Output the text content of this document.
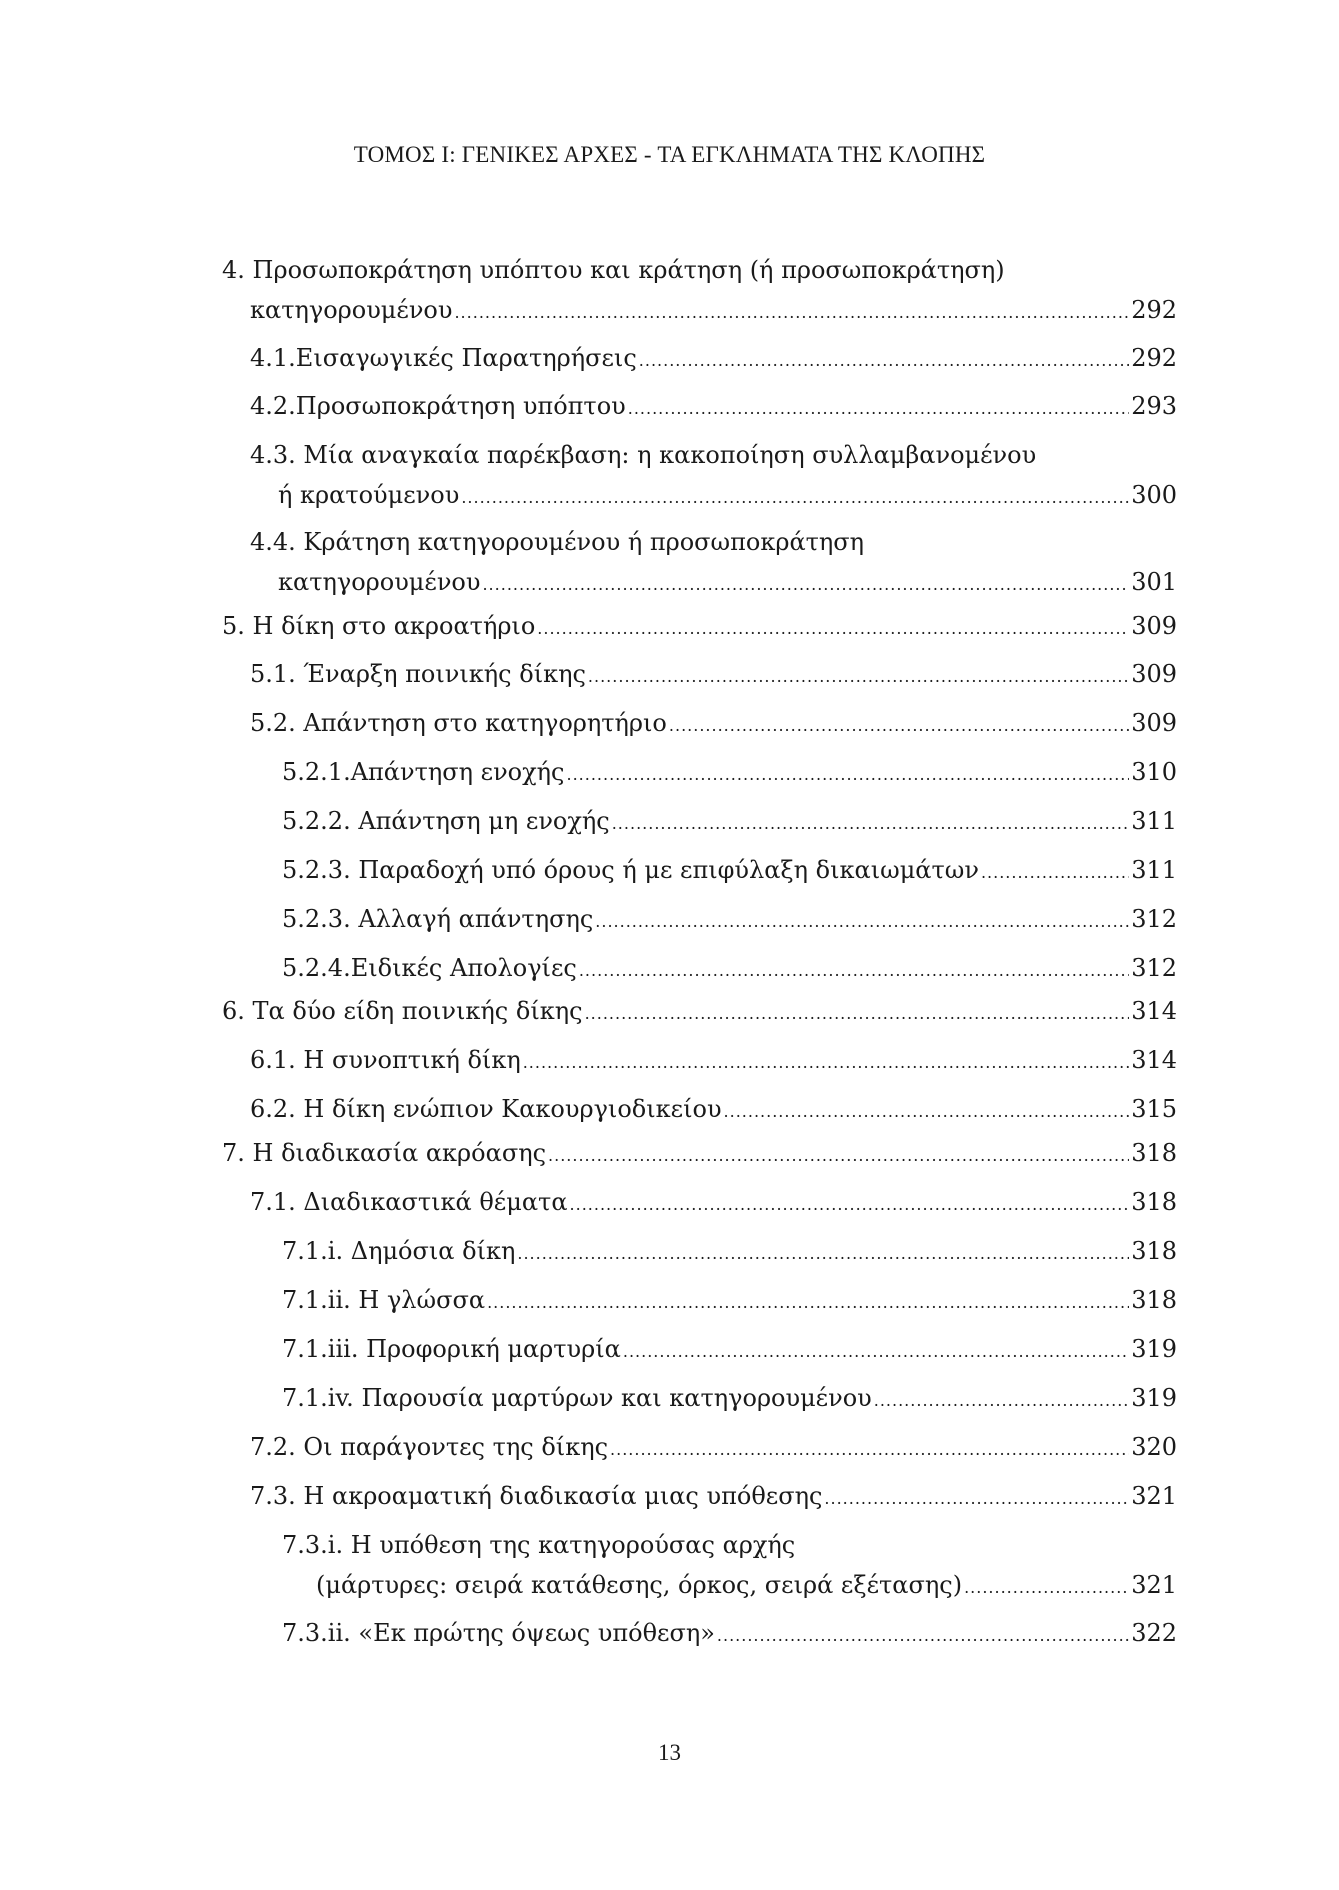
ΤΟΜΟΣ Ι: ΓΕΝΙΚΕΣ ΑΡΧΕΣ - ΤΑ ΕΓΚΛΗΜΑΤΑ ΤΗΣ ΚΛΟΠΗΣ
4. Προσωποκράτηση υπόπτου και κράτηση (ή προσωποκράτηση)
κατηγορουμένου .....	292
4.1.Εισαγωγικές Παρατηρήσεις .....	292
4.2.Προσωποκράτηση υπόπτου .....	293
4.3. Μία αναγκαία παρέκβαση: η κακοποίηση συλλαμβανομένου
ή κρατούμενου .....	300
4.4. Κράτηση κατηγορουμένου ή προσωποκράτηση
κατηγορουμένου .....	301
5. Η δίκη στο ακροατήριο .....	309
5.1. Έναρξη ποινικής δίκης .....	309
5.2. Απάντηση στο κατηγορητήριο .....	309
5.2.1.Απάντηση ενοχής .....	310
5.2.2. Απάντηση μη ενοχής .....	311
5.2.3. Παραδοχή υπό όρους ή με επιφύλαξη δικαιωμάτων .....	311
5.2.3. Αλλαγή απάντησης .....	312
5.2.4.Ειδικές Απολογίες .....	312
6. Τα δύο είδη ποινικής δίκης .....	314
6.1. Η συνοπτική δίκη .....	314
6.2. Η δίκη ενώπιον Κακουργιοδικείου .....	315
7. Η διαδικασία ακρόασης .....	318
7.1. Διαδικαστικά θέματα .....	318
7.1.i. Δημόσια δίκη .....	318
7.1.ii. Η γλώσσα .....	318
7.1.iii. Προφορική μαρτυρία .....	319
7.1.iv. Παρουσία μαρτύρων και κατηγορουμένου .....	319
7.2. Οι παράγοντες της δίκης .....	320
7.3. Η ακροαματική διαδικασία μιας υπόθεσης .....	321
7.3.i. Η υπόθεση της κατηγορούσας αρχής
(μάρτυρες: σειρά κατάθεσης, όρκος, σειρά εξέτασης) .....	321
7.3.ii. «Εκ πρώτης όψεως υπόθεση» .....	322
13
